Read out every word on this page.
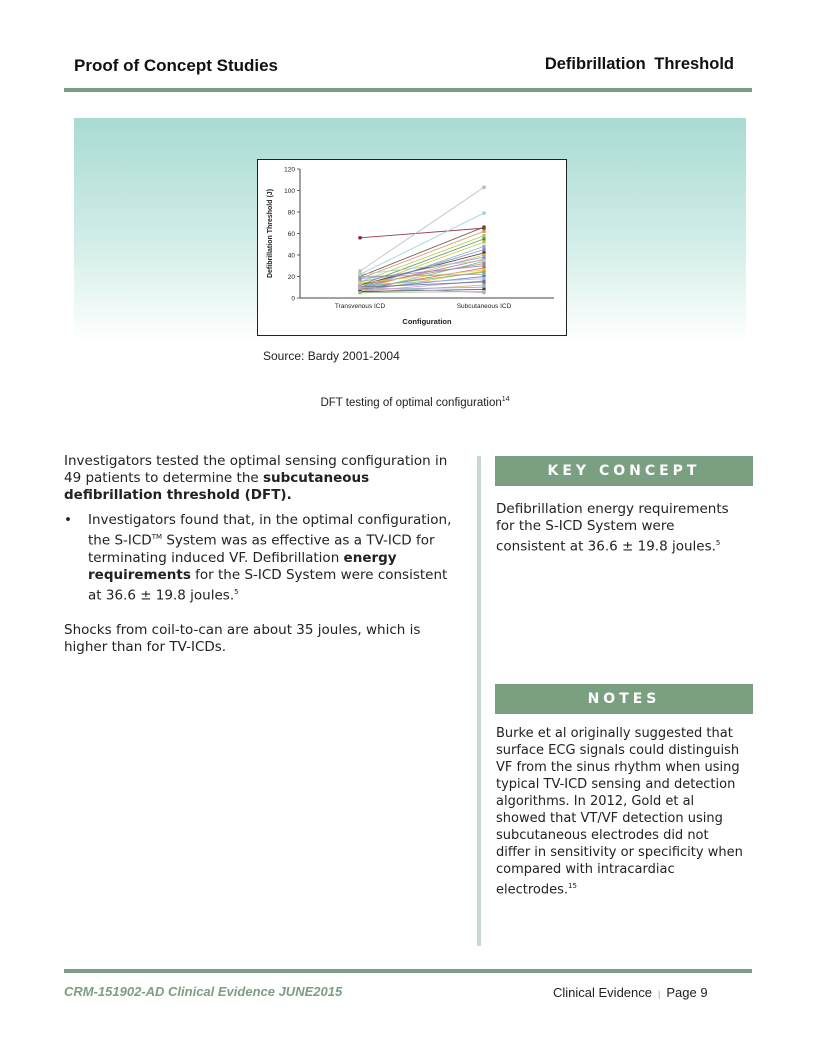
Proof of Concept Studies	Defibrillation Threshold
0
20
40
60
80
100
120
Transvenous ICD	Subcutaneous ICD
Configuration
Defibrillation Threshold (J)
Source: Bardy 2001-2004
DFT testing of optimal configuration$^{14}$

Investigators tested the optimal sensing configuration in 49 patients to determine the subcutaneous defibrillation threshold (DFT).

• Investigators found that, in the optimal configuration, the S-ICD™ System was as effective as a TV-ICD for terminating induced VF. Defibrillation energy requirements for the S-ICD System were consistent at 36.6 ± 19.8 joules.$^5$

Shocks from coil-to-can are about 35 joules, which is higher than for TV-ICDs.

KEY CONCEPT
Defibrillation energy requirements for the S-ICD System were consistent at 36.6 ± 19.8 joules.$^5$
NOTES
Burke et al originally suggested that surface ECG signals could distinguish VF from the sinus rhythm when using typical TV-ICD sensing and detection algorithms. In 2012, Gold et al showed that VT/VF detection using subcutaneous electrodes did not differ in sensitivity or specificity when compared with intracardiac electrodes.$^{15}$
CRM-151902-AD Clinical Evidence JUNE2015	Clinical Evidence | Page 9
